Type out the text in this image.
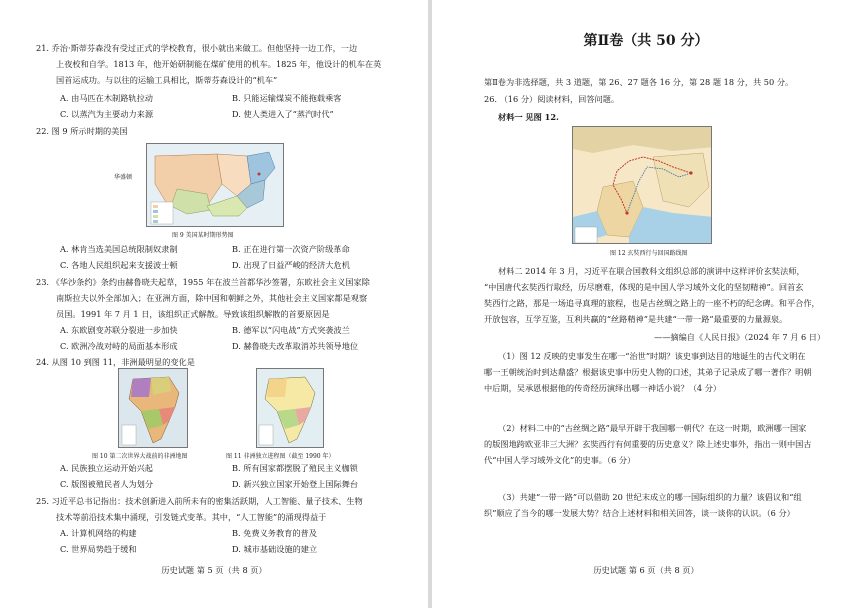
21. 乔治·斯蒂芬森没有受过正式的学校教育，很小就出来做工。但他坚持一边工作，一边
上夜校和自学。1813 年，他开始研制能在煤矿使用的机车。1825 年，他设计的机车在英
国首运成功。与以往的运输工具相比，斯蒂芬森设计的“机车”
A. 由马匹在木制路轨拉动	B. 只能运输煤炭不能拖载乘客
C. 以蒸汽为主要动力来源	D. 使人类进入了“蒸汽时代”
22. 图 9 所示时期的美国
华盛顿
图 9 美国某时期形势图
A. 林肯当选美国总统限制奴隶制	B. 正在进行第一次资产阶级革命
C. 各地人民组织起来支援波士顿	D. 出现了日益严峻的经济大危机
23. 《华沙条约》条约由赫鲁晓夫起草，1955 年在波兰首都华沙签署，东欧社会主义国家除
南斯拉夫以外全部加入；在亚洲方面，除中国和朝鲜之外，其他社会主义国家都是观察
员国。1991 年 7 月 1 日，该组织正式解散。导致该组织解散的首要原因是
A. 东欧剧变苏联分裂进一步加快	B. 德军以“闪电战”方式突袭波兰
C. 欧洲冷战对峙的局面基本形成	D. 赫鲁晓夫改革取消苏共领导地位
24. 从图 10 到图 11，非洲最明显的变化是
图 10 第二次世界大战前的非洲地图	图 11 非洲独立进程图（截至 1990 年）
A. 民族独立运动开始兴起	B. 所有国家都摆脱了殖民主义枷锁
C. 版图被殖民者人为划分	D. 新兴独立国家开始登上国际舞台
25. 习近平总书记指出：技术创新进入前所未有的密集活跃期，人工智能、量子技术、生物
技术等前沿技术集中涌现，引发链式变革。其中，“人工智能”的涌现得益于
A. 计算机网络的构建	B. 免费义务教育的普及
C. 世界局势趋于缓和	D. 城市基础设施的建立
历史试题 第 5 页（共 8 页）
第Ⅱ卷（共 50 分）
第Ⅱ卷为非选择题，共 3 道题，第 26、27 题各 16 分，第 28 题 18 分，共 50 分。
26. （16 分）阅读材料，回答问题。
材料一 见图 12.
图 12 玄奘西行与回国路线图
材料二 2014 年 3 月，习近平在联合国教科文组织总部的演讲中这样评价玄奘法师，
“中国唐代玄奘西行取经，历尽磨难，体现的是中国人学习域外文化的坚韧精神”。回首玄
奘西行之路，那是一场追寻真理的旅程，也是古丝绸之路上的一座不朽的纪念碑。和平合作，
开放包容，互学互鉴，互利共赢的“丝路精神”是共建“一带一路”最重要的力量源泉。
——摘编自《人民日报》（2024 年 7 月 6 日）
（1）图 12 反映的史事发生在哪一“治世”时期？该史事到达目的地诞生的古代文明在
哪一王朝统治时到达鼎盛？根据该史事中历史人物的口述，其弟子记录成了哪一著作？明朝
中后期，吴承恩根据他的传奇经历演绎出哪一神话小说？（4 分）
（2）材料二中的“古丝绸之路”最早开辟于我国哪一朝代？在这一时期，欧洲哪一国家
的版图地跨欧亚非三大洲？玄奘西行有何重要的历史意义？除上述史事外，指出一则中国古
代“中国人学习域外文化”的史事。（6 分）
（3）共建“一带一路”可以借助 20 世纪末成立的哪一国际组织的力量？该倡议和“组
织”顺应了当今的哪一发展大势？结合上述材料和相关回答，谈一谈你的认识。（6 分）
历史试题 第 6 页（共 8 页）
